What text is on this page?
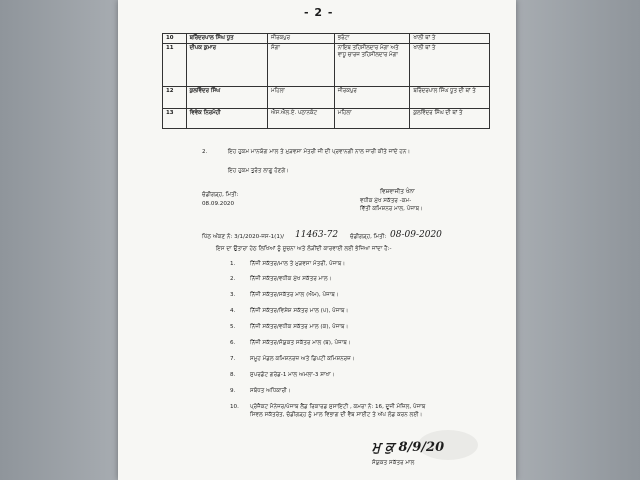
- 2 -
10	ਬਰਿੰਦਰਪਾਲ ਸਿੰਘ ਧੂਤ	ਜੀਰਕਪੁਰ	ਭਰੋਟਾ	ਖਾਲੀ ਥਾਂ ਤੇ
11	ਦੀਪਕ ਕੁਮਾਰ	ਸੋਗਾ	ਨਾਇਬ ਤਹਿਸੀਲਦਾਰ ਮੋਗਾ ਅਤੇ ਵਾਧੂ ਚਾਰਜ ਤਹਿਸੀਲਦਾਰ ਮੋਗਾ	ਖਾਲੀ ਥਾਂ ਤੇ
12	ਕੁਲਵਿੰਦਰ ਸਿੰਘ	ਮਹਿਲਾ	ਜੀਰਕਪੁਰ	ਬਰਿੰਦਰਪਾਲ ਸਿੰਘ ਧੂਤ ਦੀ ਥਾਂ ਤੇ
13	ਵਿਵੇਕ ਨਿਰਮੋਹੀ	ਐਸ.ਐਲ.ਏ. ਪਠਾਨਕੋਟ	ਮਹਿਲਾ	ਕੁਲਵਿੰਦਰ ਸਿੰਘ ਦੀ ਥਾਂ ਤੇ
2.	ਇਹ ਹੁਕਮ ਮਾਨਯੋਗ ਮਾਲ ਤੇ ਮੁੜਵਸਾ ਮੰਤਰੀ ਜੀ ਦੀ ਪ੍ਰਵਾਨਗੀ ਨਾਲ ਜਾਰੀ ਕੀਤੇ ਜਾਂਦੇ ਹਨ।
ਇਹ ਹੁਕਮ ਤੁਰੰਤ ਲਾਗੂ ਹੋਣਗੇ।
ਚੰਡੀਗੜ੍ਹ, ਮਿਤੀ:
08.09.2020
ਵਿਸ਼ਵਾਜੀਤ ਖੰਨਾ
ਵਧੀਕ ਮੁੱਖ ਸਕੱਤਰ -ਕਮ-
ਵਿੱਤੀ ਕਮਿਸ਼ਨਰ ਮਾਲ, ਪੰਜਾਬ।
ਪਿੱਠ ਅੰਕਣ ਨੰ: 3/1/2020-ਜਸ-1(1)/ 11463-72 ਚੰਡੀਗੜ੍ਹ, ਮਿਤੀ: 08-09-2020
ਇਸ ਦਾ ਉਤਾਰਾ ਹੇਠ ਲਿਖਿਆਂ ਨੂੰ ਸੂਚਨਾ ਅਤੇ ਲੋੜੀਂਦੀ ਕਾਰਵਾਈ ਲਈ ਭੇਜਿਆ ਜਾਂਦਾ ਹੈ:-
1.	ਨਿੱਜੀ ਸਕੱਤਰ/ਮਾਲ ਤੇ ਮੁੜਵਸਾ ਮੰਤਰੀ, ਪੰਜਾਬ।
2.	ਨਿੱਜੀ ਸਕੱਤਰ/ਵਧੀਕ ਮੁੱਖ ਸਕੱਤਰ ਮਾਲ।
3.	ਨਿੱਜੀ ਸਕੱਤਰ/ਸਕੱਤਰ ਮਾਲ (ਐਮ), ਪੰਜਾਬ।
4.	ਨਿੱਜੀ ਸਕੱਤਰ/ਵਿਸ਼ੇਸ਼ ਸਕੱਤਰ ਮਾਲ (ਪ), ਪੰਜਾਬ।
5.	ਨਿੱਜੀ ਸਕੱਤਰ/ਵਧੀਕ ਸਕੱਤਰ ਮਾਲ (ਕ), ਪੰਜਾਬ।
6.	ਨਿੱਜੀ ਸਕੱਤਰ/ਸੰਯੁਕਤ ਸਕੱਤਰ ਮਾਲ (ਬ), ਪੰਜਾਬ।
7.	ਸਮੂਹ ਮੰਡਲ ਕਮਿਸ਼ਨਰਜ਼ ਅਤੇ ਡਿਪਟੀ ਕਮਿਸ਼ਨਰਜ਼।
8.	ਸੁਪਰਡੰਟ ਗਰੇਡ-1 ਮਾਲ ਅਮਲਾ-3 ਸ਼ਾਖਾ।
9.	ਸਬੰਧਤ ਅਧਿਕਾਰੀ।
10. ਪ੍ਰੋਜੈਕਟ ਮੈਨੇਜਰ/ਪੰਜਾਬ ਲੈਂਡ ਰਿਕਾਰਡ ਸੁਸਾਇਟੀ , ਕਮਰਾ ਨੰ: 16, ਦੂਜੀ ਮੰਜ਼ਿਲ, ਪੰਜਾਬ
ਸਿਵਲ ਸਕੱਤਰੇਤ, ਚੰਡੀਗੜ੍ਹ ਨੂੰ ਮਾਲ ਵਿਭਾਗ ਦੀ ਵੈਬ ਸਾਈਟ ਤੇ ਅੱਪ ਲੋਡ ਕਰਨ ਲਈ।
ਮੁ ਕੁ 8/9/20
ਸੰਯੁਕਤ ਸਕੱਤਰ ਮਾਲ
